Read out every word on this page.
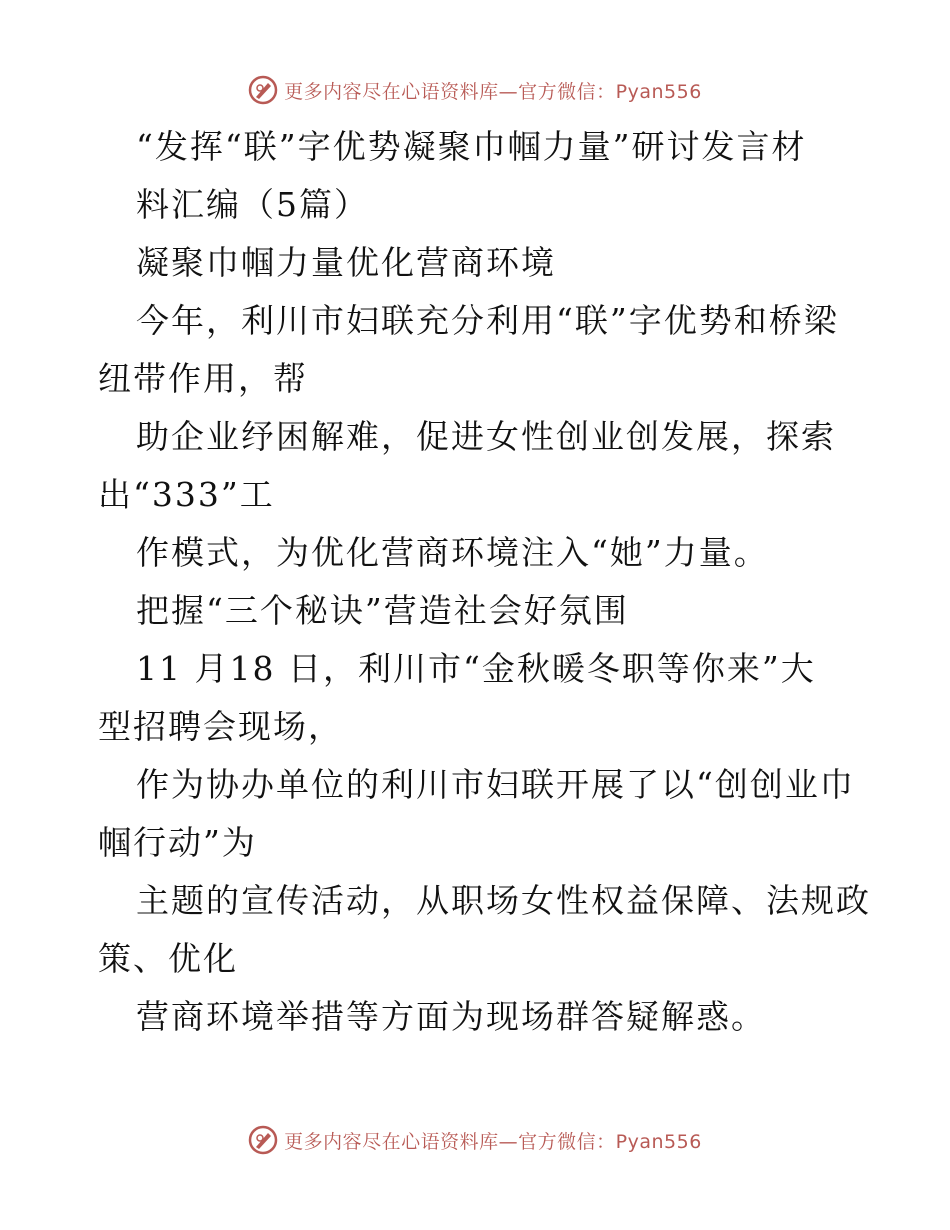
更多内容尽在心语资料库—官方微信：Pyan556
“发挥“联”字优势凝聚巾帼力量”研讨发言材
料汇编（5篇）
凝聚巾帼力量优化营商环境
今年，利川市妇联充分利用“联”字优势和桥梁
纽带作用，帮
助企业纾困解难，促进女性创业创发展，探索
出“333”工
作模式，为优化营商环境注入“她”力量。
把握“三个秘诀”营造社会好氛围
11 月18 日，利川市“金秋暖冬职等你来”大
型招聘会现场，
作为协办单位的利川市妇联开展了以“创创业巾
帼行动”为
主题的宣传活动，从职场女性权益保障、法规政
策、优化
营商环境举措等方面为现场群答疑解惑。
更多内容尽在心语资料库—官方微信：Pyan556
